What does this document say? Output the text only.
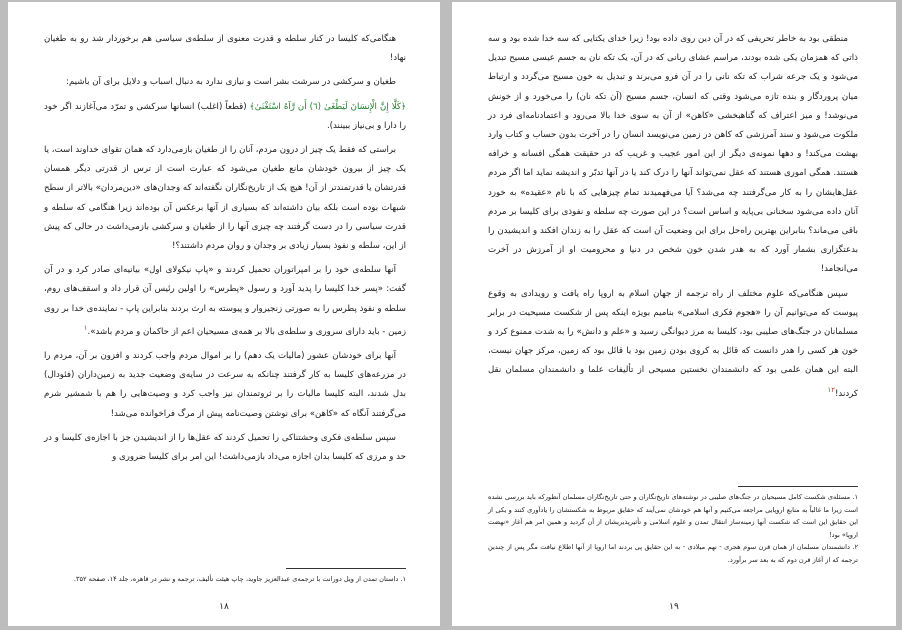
هنگامی‌که کلیسا در کنار سلطه و قدرت معنوی از سلطه‌ی سیاسی هم برخوردار شد رو به طغیان نهاد!

طغیان و سرکشی در سرشت بشر است و نیازی ندارد به دنبال اسباب و دلایل برای آن باشیم:

﴿كَلَّا إِنَّ الْإِنسَانَ لَيَطْغَىٰ (٦) أَن رَّآهُ اسْتَغْنَىٰ﴾ (قطعاً (اغلب) انسانها سرکشی و تمرّد می‌آغازند اگر خود را دارا و بی‌نیاز ببینند).

براستی که فقط یک چیز از درون مردم، آنان را از طغیان بازمی‌دارد که همان تقوای خداوند است، یا یک چیز از بیرون خودشان مانع طغیان می‌شود که عبارت است از ترس از قدرتی دیگر همسان قدرتشان یا قدرتمندتر از آن! هیچ یک از تاریخ‌نگاران نگفته‌اند که وجدان‌های «دین‌مردان» بالاتر از سطح شبهات بوده است بلکه بیان داشته‌اند که بسیاری از آنها برعکس آن بوده‌اند زیرا هنگامی که سلطه و قدرت سیاسی را در دست گرفتند چه چیزی آنها را از طغیان و سرکشی بازمی‌داشت در حالی که پیش از این، سلطه و نفوذ بسیار زیادی بر وجدان و روان مردم داشتند؟!

آنها سلطه‌ی خود را بر امپراتوران تحمیل کردند و «پاپ نیکولای اول» بیانیه‌ای صادر کرد و در آن گفت: «پسر خدا کلیسا را پدید آورد و رسول «پطرس» را اولین رئیس آن قرار داد و اسقف‌های روم، سلطه و نفوذ پطرس را به صورتی زنجیروار و پیوسته به ارث بردند بنابراین پاپ - نماینده‌ی خدا بر روی زمین - باید دارای سروری و سلطه‌ی بالا بر همه‌ی مسیحیان اعم از حاکمان و مردم باشد».$^۱$

آنها برای خودشان عشور (مالیات یک دهم) را بر اموال مردم واجب کردند و افزون بر آن، مردم را در مزرعه‌های کلیسا به کار گرفتند چنانکه به سرعت در سایه‌ی وضعیت جدید به زمین‌داران (فئودال) بدل شدند، البته کلیسا مالیات را بر ثروتمندان نیز واجب کرد و وصیت‌هایی را هم با شمشیر شرم می‌گرفتند آنگاه که «کاهن» برای نوشتن وصیت‌نامه پیش از مرگ فراخوانده می‌شد!

سپس سلطه‌ی فکری وحشتناکی را تحمیل کردند که عقل‌ها را از اندیشیدن جز با اجازه‌ی کلیسا و در حد و مرزی که کلیسا بدان اجازه می‌داد بازمی‌داشت! این امر برای کلیسا ضروری و

۱. داستان تمدن از ویل دورانت با ترجمه‌ی عبدالعزیز جاوید، چاپ هیئت تألیف، ترجمه و نشر در قاهره، جلد ۱۴، صفحه ۳۵۲.

۱۸

منطقی بود به خاطر تحریفی که در آن دین روی داده بود! زیرا خدای یکتایی که سه خدا شده بود و سه ذاتی که همزمان یکی شده بودند، مراسم عشای ربانی که در آن، یک تکه نان به جسم عیسی مسیح تبدیل می‌شود و یک جرعه شراب که تکه نانی را در آن فرو می‌برند و تبدیل به خون مسیح می‌گردد و ارتباط میان پروردگار و بنده تازه می‌شود وقتی که انسان، جسم مسیح (آن تکه نان) را می‌خورد و از خونش می‌نوشد! و میز اعتراف که گناهبخشی «کاهن» از آن به سوی خدا بالا می‌رود و اعتمادنامه‌ای فرد در ملکوت می‌شود و سند آمرزشی که کاهن در زمین می‌نویسد انسان را در آخرت بدون حساب و کتاب وارد بهشت می‌کند! و دهها نمونه‌ی دیگر از این امور عجیب و غریب که در حقیقت همگی افسانه و خرافه هستند. همگی اموری هستند که عقل نمی‌تواند آنها را درک کند یا در آنها تدبّر و اندیشه نماید اما اگر مردم عقل‌هایشان را به کار می‌گرفتند چه می‌شد؟ آیا می‌فهمیدند تمام چیزهایی که با نام «عقیده» به خورد آنان داده می‌شود سخنانی بی‌پایه و اساس است؟ در این صورت چه سلطه و نفوذی برای کلیسا بر مردم باقی می‌ماند؟ بنابراین بهترین راه‌حل برای این وضعیت آن است که عقل را به زندان افکند و اندیشیدن را بدعتگزاری بشمار آورد که به هدر شدن خون شخص در دنیا و محرومیت او از آمرزش در آخرت می‌انجامد!

سپس هنگامی‌که علوم مختلف از راه ترجمه از جهان اسلام به اروپا راه یافت و رویدادی به وقوع پیوست که می‌توانیم آن را «هجوم فکری اسلامی» بنامیم بویژه اینکه پس از شکست مسیحیت در برابر مسلمانان در جنگ‌های صلیبی بود، کلیسا به مرز دیوانگی رسید و «علم و دانش» را به شدت ممنوع کرد و خون هر کسی را هدر دانست که قائل به کروی بودن زمین بود یا قائل بود که زمین، مرکز جهان نیست، البته این همان علمی بود که دانشمندان نخستین مسیحی از تألیفات علما و دانشمندان مسلمان نقل کردند!$^{۱۲}$

۱. مسئله‌ی شکست کامل مسیحیان در جنگ‌های صلیبی در نوشته‌های تاریخ‌نگاران و حتی تاریخ‌نگاران مسلمان آنطورکه باید بررسی نشده است زیرا ما غالباً به منابع اروپایی مراجعه می‌کنیم و آنها هم خودشان نمی‌آیند که حقایق مربوط به شکستشان را یادآوری کنند و یکی از این حقایق این است که شکست آنها زمینه‌ساز انتقال تمدن و علوم اسلامی و تأثیرپذیریشان از آن گردید و همین امر هم آغاز «نهضت اروپا» بود!

۲. دانشمندان مسلمان از همان قرن سوم هجری - نهم میلادی - به این حقایق پی بردند اما اروپا از آنها اطلاع نیافت مگر پس از چندین ترجمه که از آغاز قرن دوم که به بعد سر برآورد.

۱۹
